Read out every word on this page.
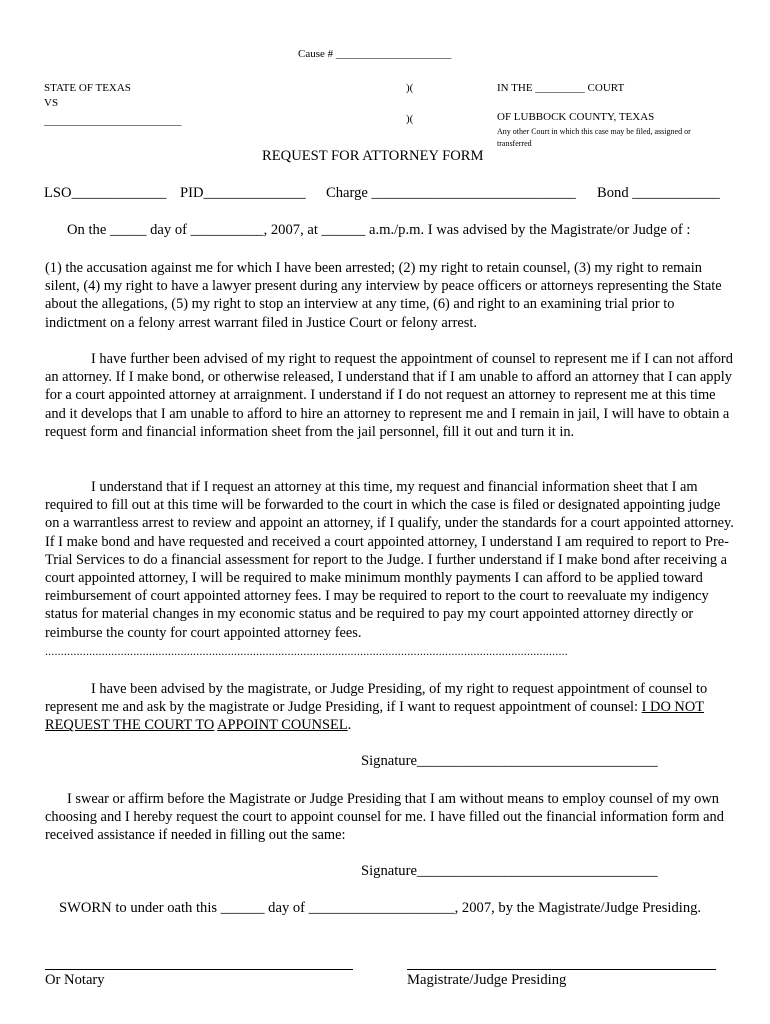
Cause # _____________________
STATE OF TEXAS
VS
_________________________
)(
)(
IN THE _________ COURT
OF LUBBOCK COUNTY, TEXAS
Any other Court in which this case may be filed, assigned or
transferred
REQUEST FOR ATTORNEY FORM
LSO_____________ PID______________ Charge ____________________________ Bond ____________
On the _____ day of __________, 2007, at ______ a.m./p.m. I was advised by the Magistrate/or Judge of :
(1) the accusation against me for which I have been arrested; (2) my right to retain counsel, (3) my right to remain silent, (4) my right to have a lawyer present during any interview by peace officers or attorneys representing the State about the allegations, (5) my right to stop an interview at any time, (6) and right to an examining trial prior to indictment on a felony arrest warrant filed in Justice Court or felony arrest.
I have further been advised of my right to request the appointment of counsel to represent me if I can not afford an attorney. If I make bond, or otherwise released, I understand that if I am unable to afford an attorney that I can apply for a court appointed attorney at arraignment. I understand if I do not request an attorney to represent me at this time and it develops that I am unable to afford to hire an attorney to represent me and I remain in jail, I will have to obtain a request form and financial information sheet from the jail personnel, fill it out and turn it in.
I understand that if I request an attorney at this time, my request and financial information sheet that I am required to fill out at this time will be forwarded to the court in which the case is filed or designated appointing judge on a warrantless arrest to review and appoint an attorney, if I qualify, under the standards for a court appointed attorney. If I make bond and have requested and received a court appointed attorney, I understand I am required to report to Pre-Trial Services to do a financial assessment for report to the Judge. I further understand if I make bond after receiving a court appointed attorney, I will be required to make minimum monthly payments I can afford to be applied toward reimbursement of court appointed attorney fees. I may be required to report to the court to reevaluate my indigency status for material changes in my economic status and be required to pay my court appointed attorney directly or reimburse the county for court appointed attorney fees.
......................................................................................................................................................................
I have been advised by the magistrate, or Judge Presiding, of my right to request appointment of counsel to represent me and ask by the magistrate or Judge Presiding, if I want to request appointment of counsel: I DO NOT REQUEST THE COURT TO APPOINT COUNSEL.
Signature_________________________________
I swear or affirm before the Magistrate or Judge Presiding that I am without means to employ counsel of my own choosing and I hereby request the court to appoint counsel for me. I have filled out the financial information form and received assistance if needed in filling out the same:
Signature_________________________________
SWORN to under oath this ______ day of ____________________, 2007, by the Magistrate/Judge Presiding.
Or Notary	Magistrate/Judge Presiding
